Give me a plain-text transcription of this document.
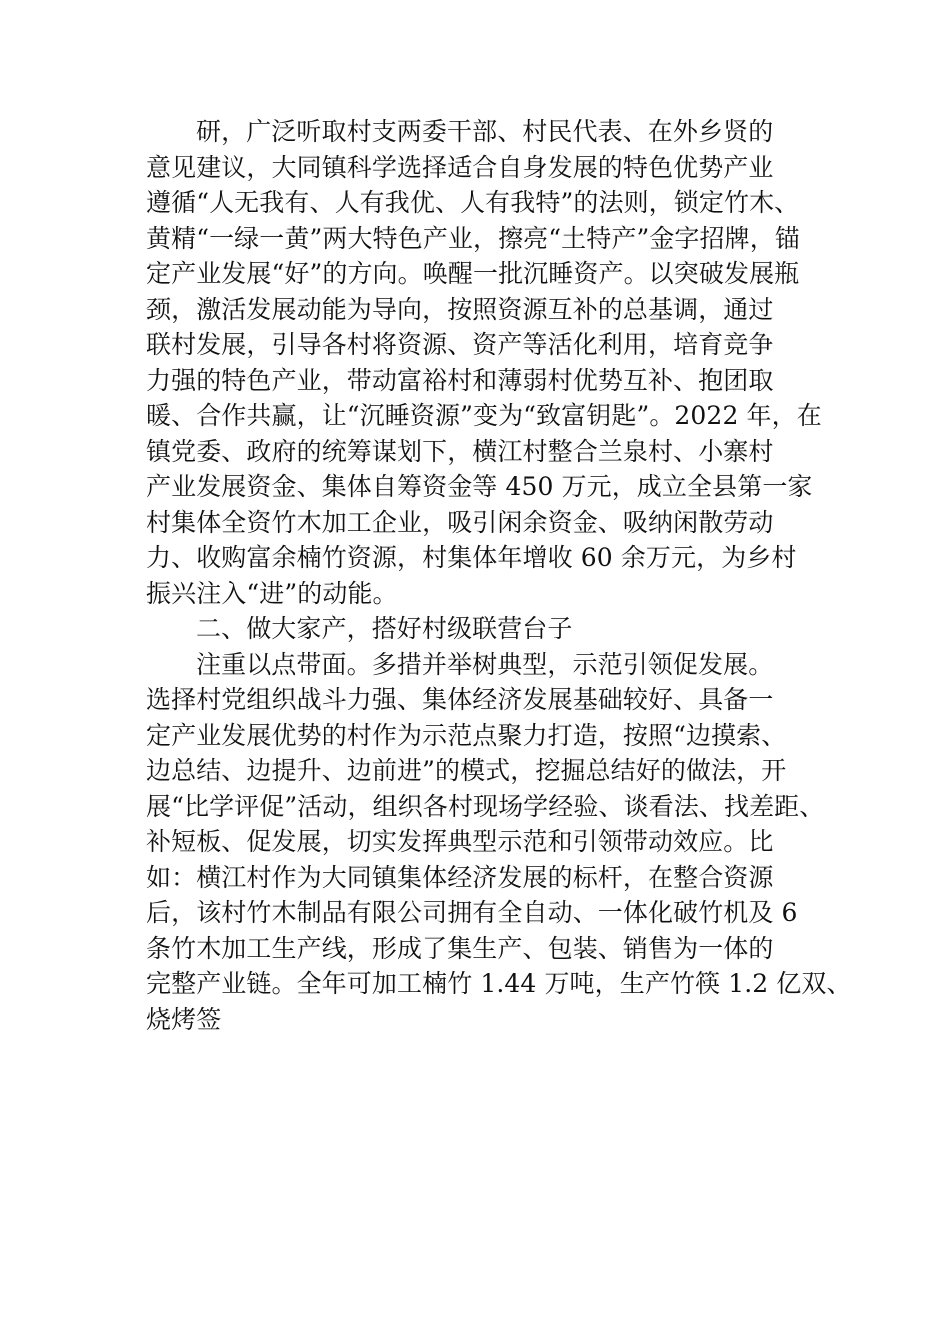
研，广泛听取村支两委干部、村民代表、在外乡贤的
意见建议，大同镇科学选择适合自身发展的特色优势产业
遵循“人无我有、人有我优、人有我特”的法则，锁定竹木、
黄精“一绿一黄”两大特色产业，擦亮“土特产”金字招牌，锚
定产业发展“好”的方向。唤醒一批沉睡资产。以突破发展瓶
颈，激活发展动能为导向，按照资源互补的总基调，通过
联村发展，引导各村将资源、资产等活化利用，培育竞争
力强的特色产业，带动富裕村和薄弱村优势互补、抱团取
暖、合作共赢，让“沉睡资源”变为“致富钥匙”。2022 年，在
镇党委、政府的统筹谋划下，横江村整合兰泉村、小寨村
产业发展资金、集体自筹资金等 450 万元，成立全县第一家
村集体全资竹木加工企业，吸引闲余资金、吸纳闲散劳动
力、收购富余楠竹资源，村集体年增收 60 余万元，为乡村
振兴注入“进”的动能。
二、做大家产，搭好村级联营台子
注重以点带面。多措并举树典型，示范引领促发展。
选择村党组织战斗力强、集体经济发展基础较好、具备一
定产业发展优势的村作为示范点聚力打造，按照“边摸索、
边总结、边提升、边前进”的模式，挖掘总结好的做法，开
展“比学评促”活动，组织各村现场学经验、谈看法、找差距、
补短板、促发展，切实发挥典型示范和引领带动效应。比
如：横江村作为大同镇集体经济发展的标杆，在整合资源
后，该村竹木制品有限公司拥有全自动、一体化破竹机及 6
条竹木加工生产线，形成了集生产、包装、销售为一体的
完整产业链。全年可加工楠竹 1.44 万吨，生产竹筷 1.2 亿双、
烧烤签
